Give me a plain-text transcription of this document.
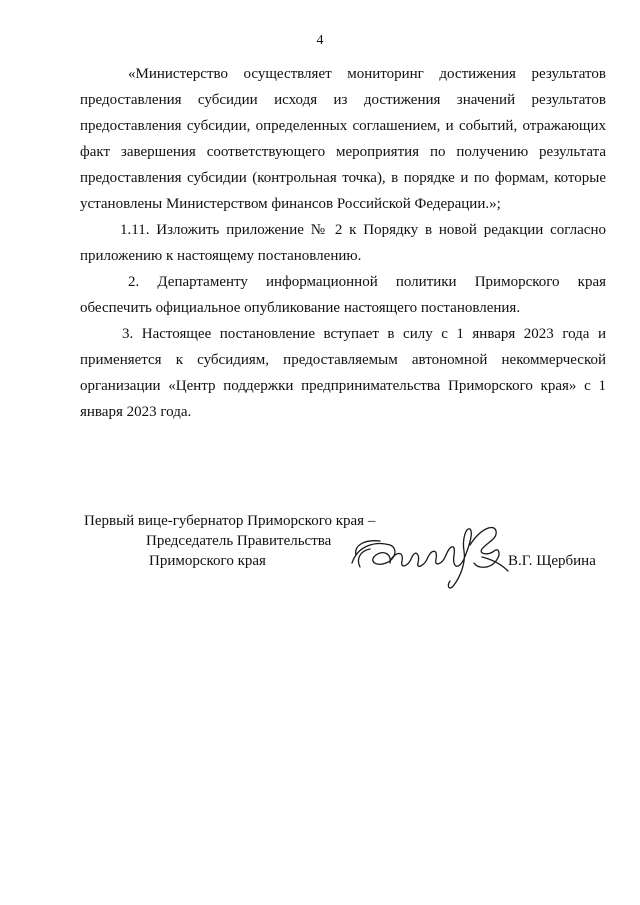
4

«Министерство осуществляет мониторинг достижения результатов предоставления субсидии исходя из достижения значений результатов предоставления субсидии, определенных соглашением, и событий, отражающих факт завершения соответствующего мероприятия по получению результата предоставления субсидии (контрольная точка), в порядке и по формам, которые установлены Министерством финансов Российской Федерации.»;

1.11. Изложить приложение № 2 к Порядку в новой редакции согласно приложению к настоящему постановлению.

2. Департаменту информационной политики Приморского края обеспечить официальное опубликование настоящего постановления.

3. Настоящее постановление вступает в силу с 1 января 2023 года и применяется к субсидиям, предоставляемым автономной некоммерческой организации «Центр поддержки предпринимательства Приморского края» с 1 января 2023 года.

Первый вице-губернатор Приморского края –
Председатель Правительства
Приморского края	В.Г. Щербина
